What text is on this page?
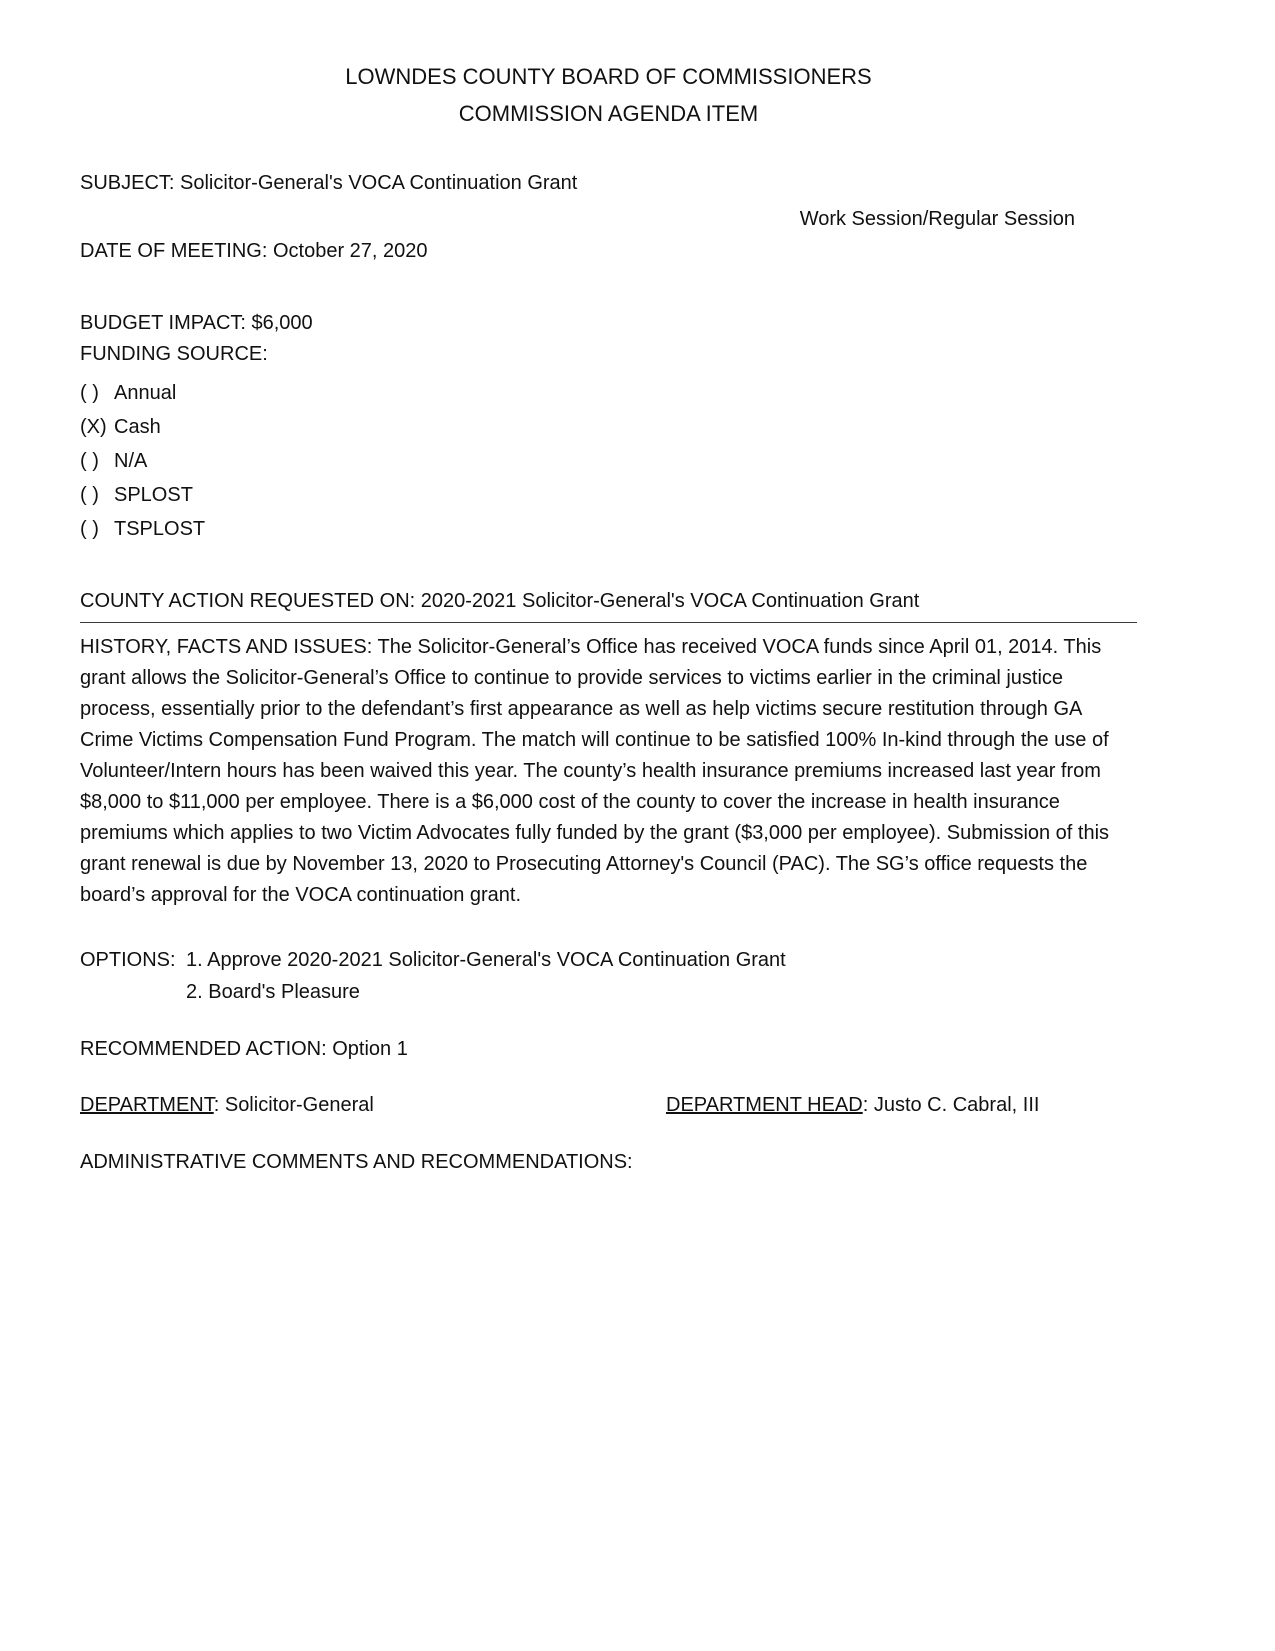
LOWNDES COUNTY BOARD OF COMMISSIONERS
COMMISSION AGENDA ITEM
SUBJECT: Solicitor-General's VOCA Continuation Grant
Work Session/Regular Session
DATE OF MEETING: October 27, 2020
BUDGET IMPACT: $6,000
FUNDING SOURCE:
( ) Annual
(X) Cash
( ) N/A
( ) SPLOST
( ) TSPLOST
COUNTY ACTION REQUESTED ON: 2020-2021 Solicitor-General's VOCA Continuation Grant
HISTORY, FACTS AND ISSUES: The Solicitor-General’s Office has received VOCA funds since April 01, 2014. This grant allows the Solicitor-General’s Office to continue to provide services to victims earlier in the criminal justice process, essentially prior to the defendant’s first appearance as well as help victims secure restitution through GA Crime Victims Compensation Fund Program. The match will continue to be satisfied 100% In-kind through the use of Volunteer/Intern hours has been waived this year. The county’s health insurance premiums increased last year from $8,000 to $11,000 per employee. There is a $6,000 cost of the county to cover the increase in health insurance premiums which applies to two Victim Advocates fully funded by the grant ($3,000 per employee). Submission of this grant renewal is due by November 13, 2020 to Prosecuting Attorney's Council (PAC). The SG’s office requests the board’s approval for the VOCA continuation grant.
OPTIONS: 1. Approve 2020-2021 Solicitor-General's VOCA Continuation Grant
2. Board's Pleasure
RECOMMENDED ACTION: Option 1
DEPARTMENT: Solicitor-General	DEPARTMENT HEAD: Justo C. Cabral, III
ADMINISTRATIVE COMMENTS AND RECOMMENDATIONS:
